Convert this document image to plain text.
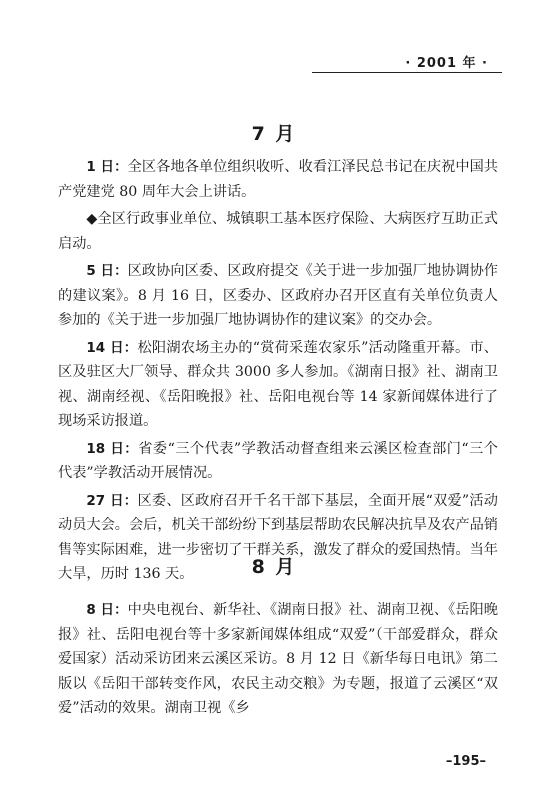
· 2001 年 ·
7 月

1 日：全区各地各单位组织收听、收看江泽民总书记在庆祝中国共产党建党 80 周年大会上讲话。

◆全区行政事业单位、城镇职工基本医疗保险、大病医疗互助正式启动。

5 日：区政协向区委、区政府提交《关于进一步加强厂地协调协作的建议案》。8 月 16 日，区委办、区政府办召开区直有关单位负责人参加的《关于进一步加强厂地协调协作的建议案》的交办会。

14 日：松阳湖农场主办的“赏荷采莲农家乐”活动隆重开幕。市、区及驻区大厂领导、群众共 3000 多人参加。《湖南日报》社、湖南卫视、湖南经视、《岳阳晚报》社、岳阳电视台等 14 家新闻媒体进行了现场采访报道。

18 日：省委“三个代表”学教活动督查组来云溪区检查部门“三个代表”学教活动开展情况。

27 日：区委、区政府召开千名干部下基层，全面开展“双爱”活动动员大会。会后，机关干部纷纷下到基层帮助农民解决抗旱及农产品销售等实际困难，进一步密切了干群关系，激发了群众的爱国热情。当年大旱，历时 136 天。	8 月

8 日：中央电视台、新华社、《湖南日报》社、湖南卫视、《岳阳晚报》社、岳阳电视台等十多家新闻媒体组成“双爱”（干部爱群众，群众爱国家）活动采访团来云溪区采访。8 月 12 日《新华每日电讯》第二版以《岳阳干部转变作风，农民主动交粮》为专题，报道了云溪区“双爱”活动的效果。湖南卫视《乡

–195–
